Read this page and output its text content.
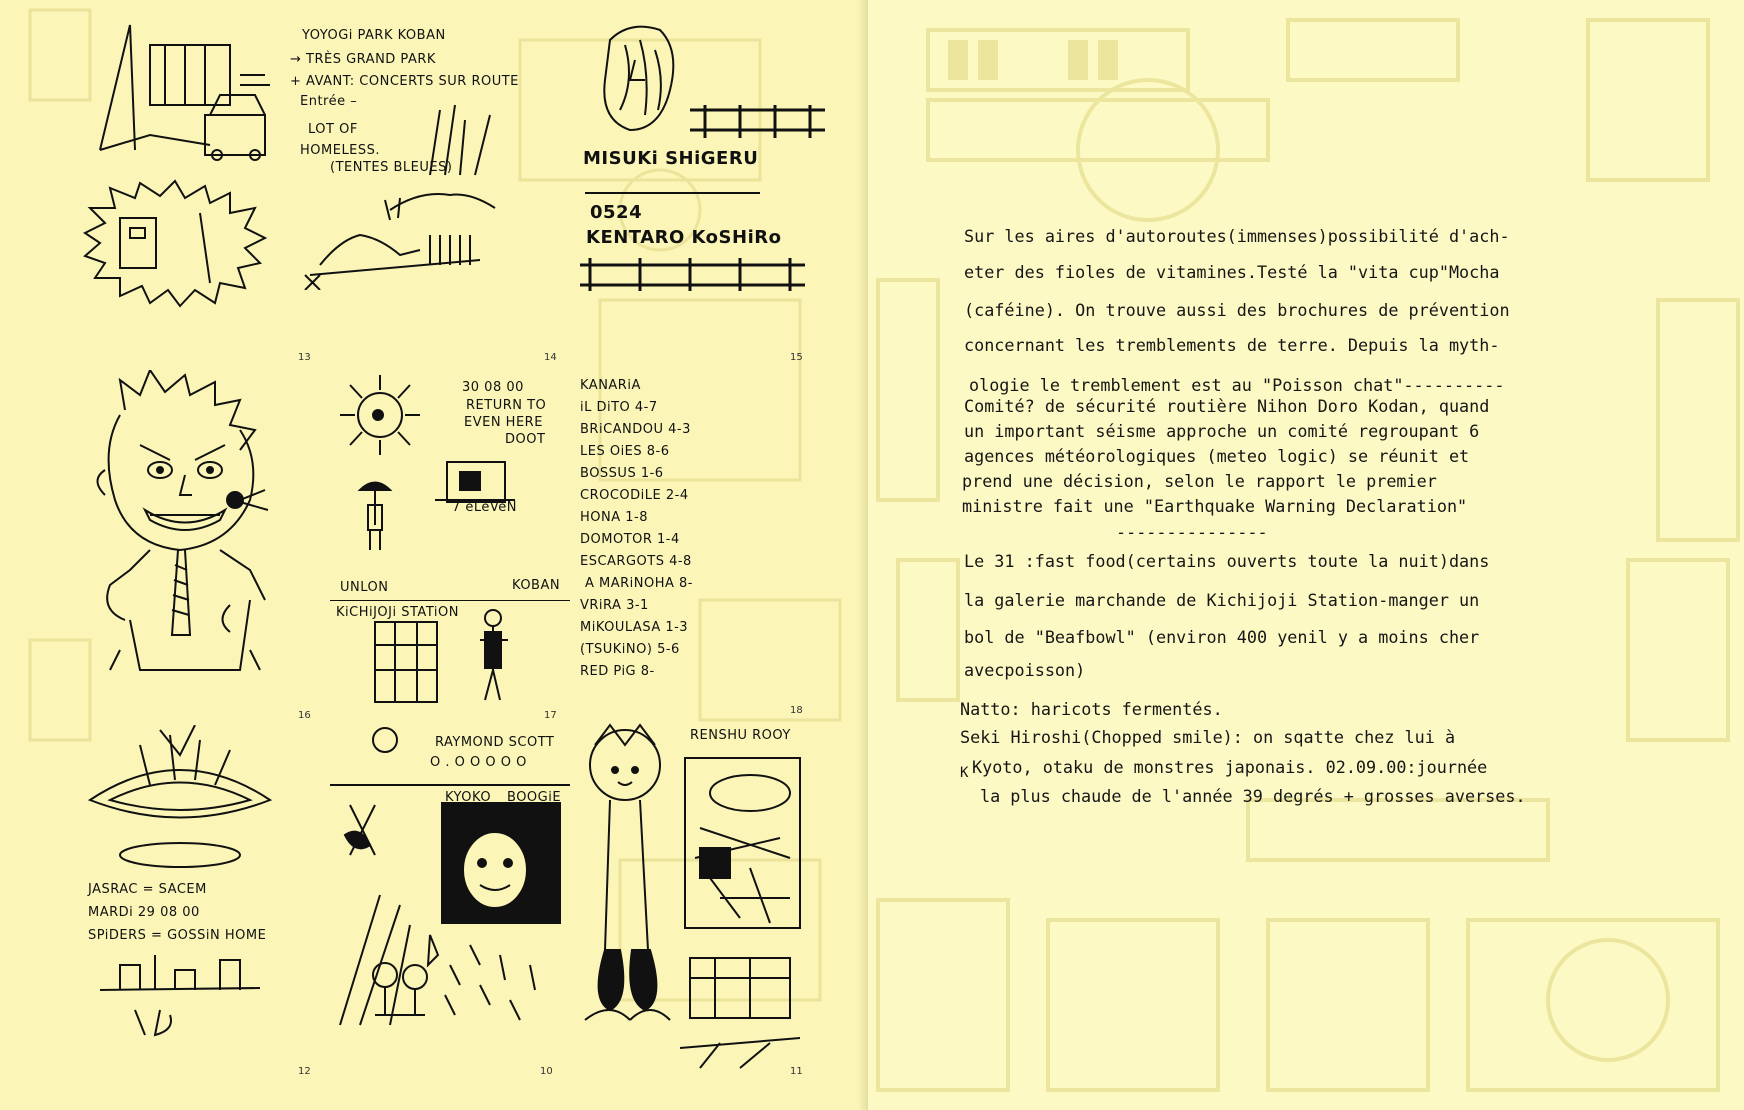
YOYOGi PARK KOBAN
→ TRÈS GRAND PARK
+ AVANT: CONCERTS SUR ROUTE
Entrée –
LOT OF
HOMELESS.
(TENTES BLEUES)	MISUKi SHiGERU
0524
KENTARO KoSHiRo
30 08 00
RETURN TO
EVEN HERE
DOOT
7 eLeVeN
KANARiA
iL DiTO 4-7
BRiCANDOU 4-3
LES OiES 8-6
BOSSUS 1-6
CROCODiLE 2-4
HONA 1-8
DOMOTOR 1-4
ESCARGOTS 4-8
A MARiNOHA 8-
VRiRA 3-1
MiKOULASA 1-3
(TSUKiNO) 5-6
RED PiG 8-
UNLON
KiCHiJOJi STATiON
KOBAN
JASRAC = SACEM
MARDi 29 08 00
SPiDERS = GOSSiN HOME
RAYMOND SCOTT
O . O O O O O
KYOKO BOOGiE
RENSHU ROOY
13	14	15
16	17	18
12	10	11
Sur les aires d'autoroutes(immenses)possibilité d'ach-
eter des fioles de vitamines.Testé la "vita cup"Mocha
(caféine). On trouve aussi des brochures de prévention
concernant les tremblements de terre. Depuis la myth-
ologie le tremblement est au "Poisson chat"----------
Comité? de sécurité routière Nihon Doro Kodan, quand
un important séisme approche un comité regroupant 6
agences météorologiques (meteo logic) se réunit et
prend une décision, selon le rapport le premier
ministre fait une "Earthquake Warning Declaration"
---------------
Le 31 :fast food(certains ouverts toute la nuit)dans
la galerie marchande de Kichijoji Station-manger un
bol de "Beafbowl" (environ 400 yenil y a moins cher
avecpoisson)
Natto: haricots fermentés.
Seki Hiroshi(Chopped smile): on sqatte chez lui à
K Kyoto, otaku de monstres japonais. 02.09.00:journée
la plus chaude de l'année 39 degrés + grosses averses.
